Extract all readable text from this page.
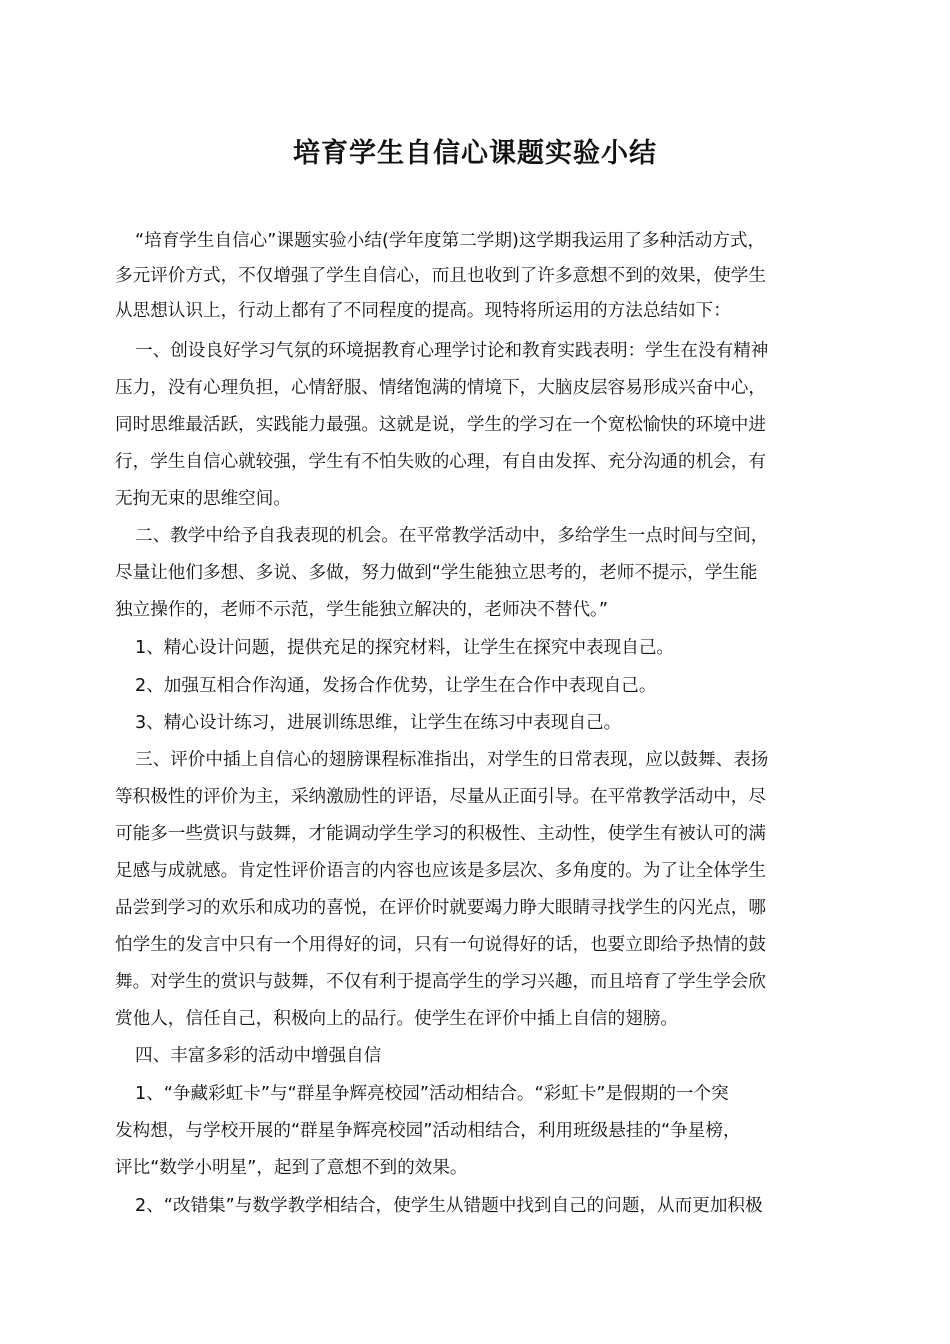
培育学生自信心课题实验小结
“培育学生自信心”课题实验小结(学年度第二学期)这学期我运用了多种活动方式，
多元评价方式，不仅增强了学生自信心，而且也收到了许多意想不到的效果，使学生
从思想认识上，行动上都有了不同程度的提高。现特将所运用的方法总结如下：
一、创设良好学习气氛的环境据教育心理学讨论和教育实践表明：学生在没有精神
压力，没有心理负担，心情舒服、情绪饱满的情境下，大脑皮层容易形成兴奋中心，
同时思维最活跃，实践能力最强。这就是说，学生的学习在一个宽松愉快的环境中进
行，学生自信心就较强，学生有不怕失败的心理，有自由发挥、充分沟通的机会，有
无拘无束的思维空间。
二、教学中给予自我表现的机会。在平常教学活动中，多给学生一点时间与空间，
尽量让他们多想、多说、多做，努力做到“学生能独立思考的，老师不提示，学生能
独立操作的，老师不示范，学生能独立解决的，老师决不替代。”
1、精心设计问题，提供充足的探究材料，让学生在探究中表现自己。
2、加强互相合作沟通，发扬合作优势，让学生在合作中表现自己。
3、精心设计练习，进展训练思维，让学生在练习中表现自己。
三、评价中插上自信心的翅膀课程标准指出，对学生的日常表现，应以鼓舞、表扬
等积极性的评价为主，采纳激励性的评语，尽量从正面引导。在平常教学活动中，尽
可能多一些赏识与鼓舞，才能调动学生学习的积极性、主动性，使学生有被认可的满
足感与成就感。肯定性评价语言的内容也应该是多层次、多角度的。为了让全体学生
品尝到学习的欢乐和成功的喜悦，在评价时就要竭力睁大眼睛寻找学生的闪光点，哪
怕学生的发言中只有一个用得好的词，只有一句说得好的话，也要立即给予热情的鼓
舞。对学生的赏识与鼓舞，不仅有利于提高学生的学习兴趣，而且培育了学生学会欣
赏他人，信任自己，积极向上的品行。使学生在评价中插上自信的翅膀。
四、丰富多彩的活动中增强自信
1、“争藏彩虹卡”与“群星争辉亮校园”活动相结合。“彩虹卡”是假期的一个突
发构想，与学校开展的“群星争辉亮校园”活动相结合，利用班级悬挂的“争星榜，
评比“数学小明星”，起到了意想不到的效果。
2、“改错集”与数学教学相结合，使学生从错题中找到自己的问题，从而更加积极
